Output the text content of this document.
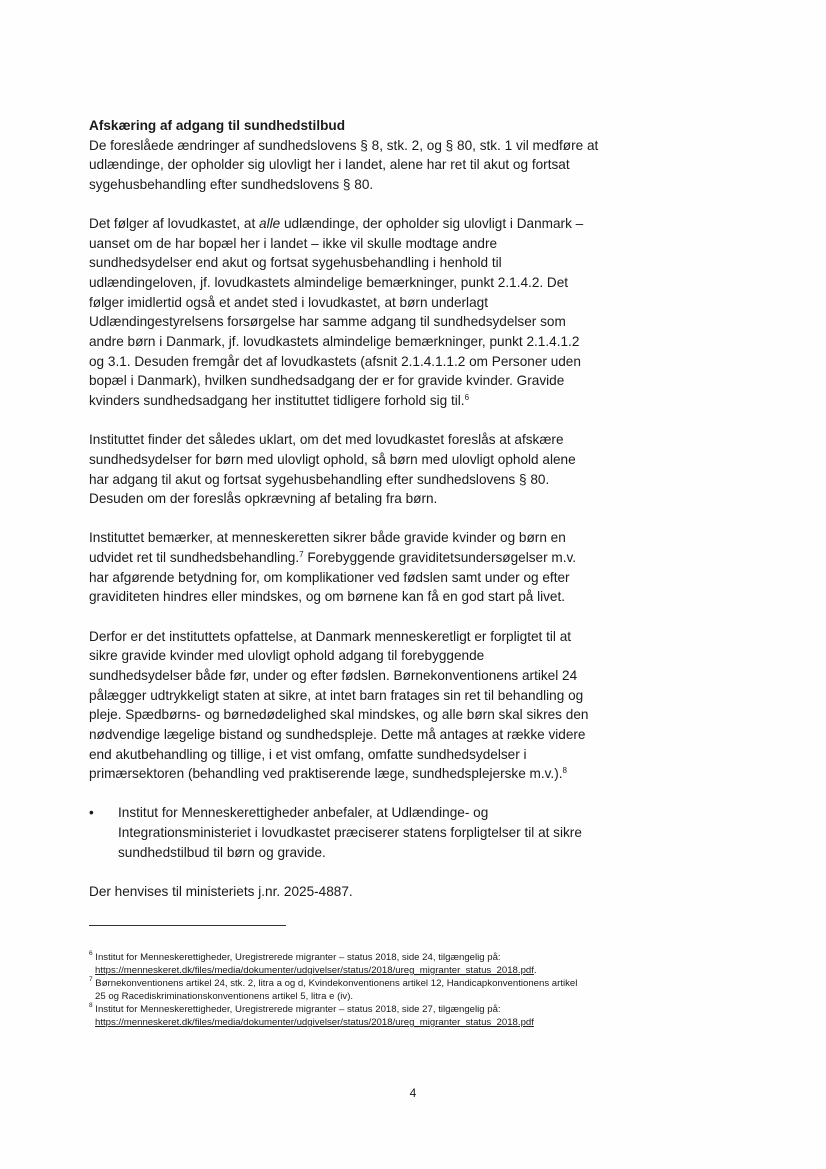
Afskæring af adgang til sundhedstilbud
De foreslåede ændringer af sundhedslovens § 8, stk. 2, og § 80, stk. 1 vil medføre at
udlændinge, der opholder sig ulovligt her i landet, alene har ret til akut og fortsat
sygehusbehandling efter sundhedslovens § 80.
Det følger af lovudkastet, at alle udlændinge, der opholder sig ulovligt i Danmark –
uanset om de har bopæl her i landet – ikke vil skulle modtage andre
sundhedsydelser end akut og fortsat sygehusbehandling i henhold til
udlændingeloven, jf. lovudkastets almindelige bemærkninger, punkt 2.1.4.2. Det
følger imidlertid også et andet sted i lovudkastet, at børn underlagt
Udlændingestyrelsens forsørgelse har samme adgang til sundhedsydelser som
andre børn i Danmark, jf. lovudkastets almindelige bemærkninger, punkt 2.1.4.1.2
og 3.1. Desuden fremgår det af lovudkastets (afsnit 2.1.4.1.1.2 om Personer uden
bopæl i Danmark), hvilken sundhedsadgang der er for gravide kvinder. Gravide
kvinders sundhedsadgang her instituttet tidligere forhold sig til.$^6$
Instituttet finder det således uklart, om det med lovudkastet foreslås at afskære
sundhedsydelser for børn med ulovligt ophold, så børn med ulovligt ophold alene
har adgang til akut og fortsat sygehusbehandling efter sundhedslovens § 80.
Desuden om der foreslås opkrævning af betaling fra børn.
Instituttet bemærker, at menneskeretten sikrer både gravide kvinder og børn en
udvidet ret til sundhedsbehandling.$^7$ Forebyggende graviditetsundersøgelser m.v.
har afgørende betydning for, om komplikationer ved fødslen samt under og efter
graviditeten hindres eller mindskes, og om børnene kan få en god start på livet.
Derfor er det instituttets opfattelse, at Danmark menneskeretligt er forpligtet til at
sikre gravide kvinder med ulovligt ophold adgang til forebyggende
sundhedsydelser både før, under og efter fødslen. Børnekonventionens artikel 24
pålægger udtrykkeligt staten at sikre, at intet barn fratages sin ret til behandling og
pleje. Spædbørns- og børnedødelighed skal mindskes, og alle børn skal sikres den
nødvendige lægelige bistand og sundhedspleje. Dette må antages at række videre
end akutbehandling og tillige, i et vist omfang, omfatte sundhedsydelser i
primærsektoren (behandling ved praktiserende læge, sundhedsplejerske m.v.).$^8$
• Institut for Menneskerettigheder anbefaler, at Udlændinge- og
Integrationsministeriet i lovudkastet præciserer statens forpligtelser til at sikre
sundhedstilbud til børn og gravide.
Der henvises til ministeriets j.nr. 2025-4887.
$^6$ Institut for Menneskerettigheder, Uregistrerede migranter – status 2018, side 24, tilgængelig på:
https://menneskeret.dk/files/media/dokumenter/udgivelser/status/2018/ureg_migranter_status_2018.pdf.
$^7$ Børnekonventionens artikel 24, stk. 2, litra a og d, Kvindekonventionens artikel 12, Handicapkonventionens artikel
25 og Racediskriminationskonventionens artikel 5, litra e (iv).
$^8$ Institut for Menneskerettigheder, Uregistrerede migranter – status 2018, side 27, tilgængelig på:
https://menneskeret.dk/files/media/dokumenter/udgivelser/status/2018/ureg_migranter_status_2018.pdf
4
